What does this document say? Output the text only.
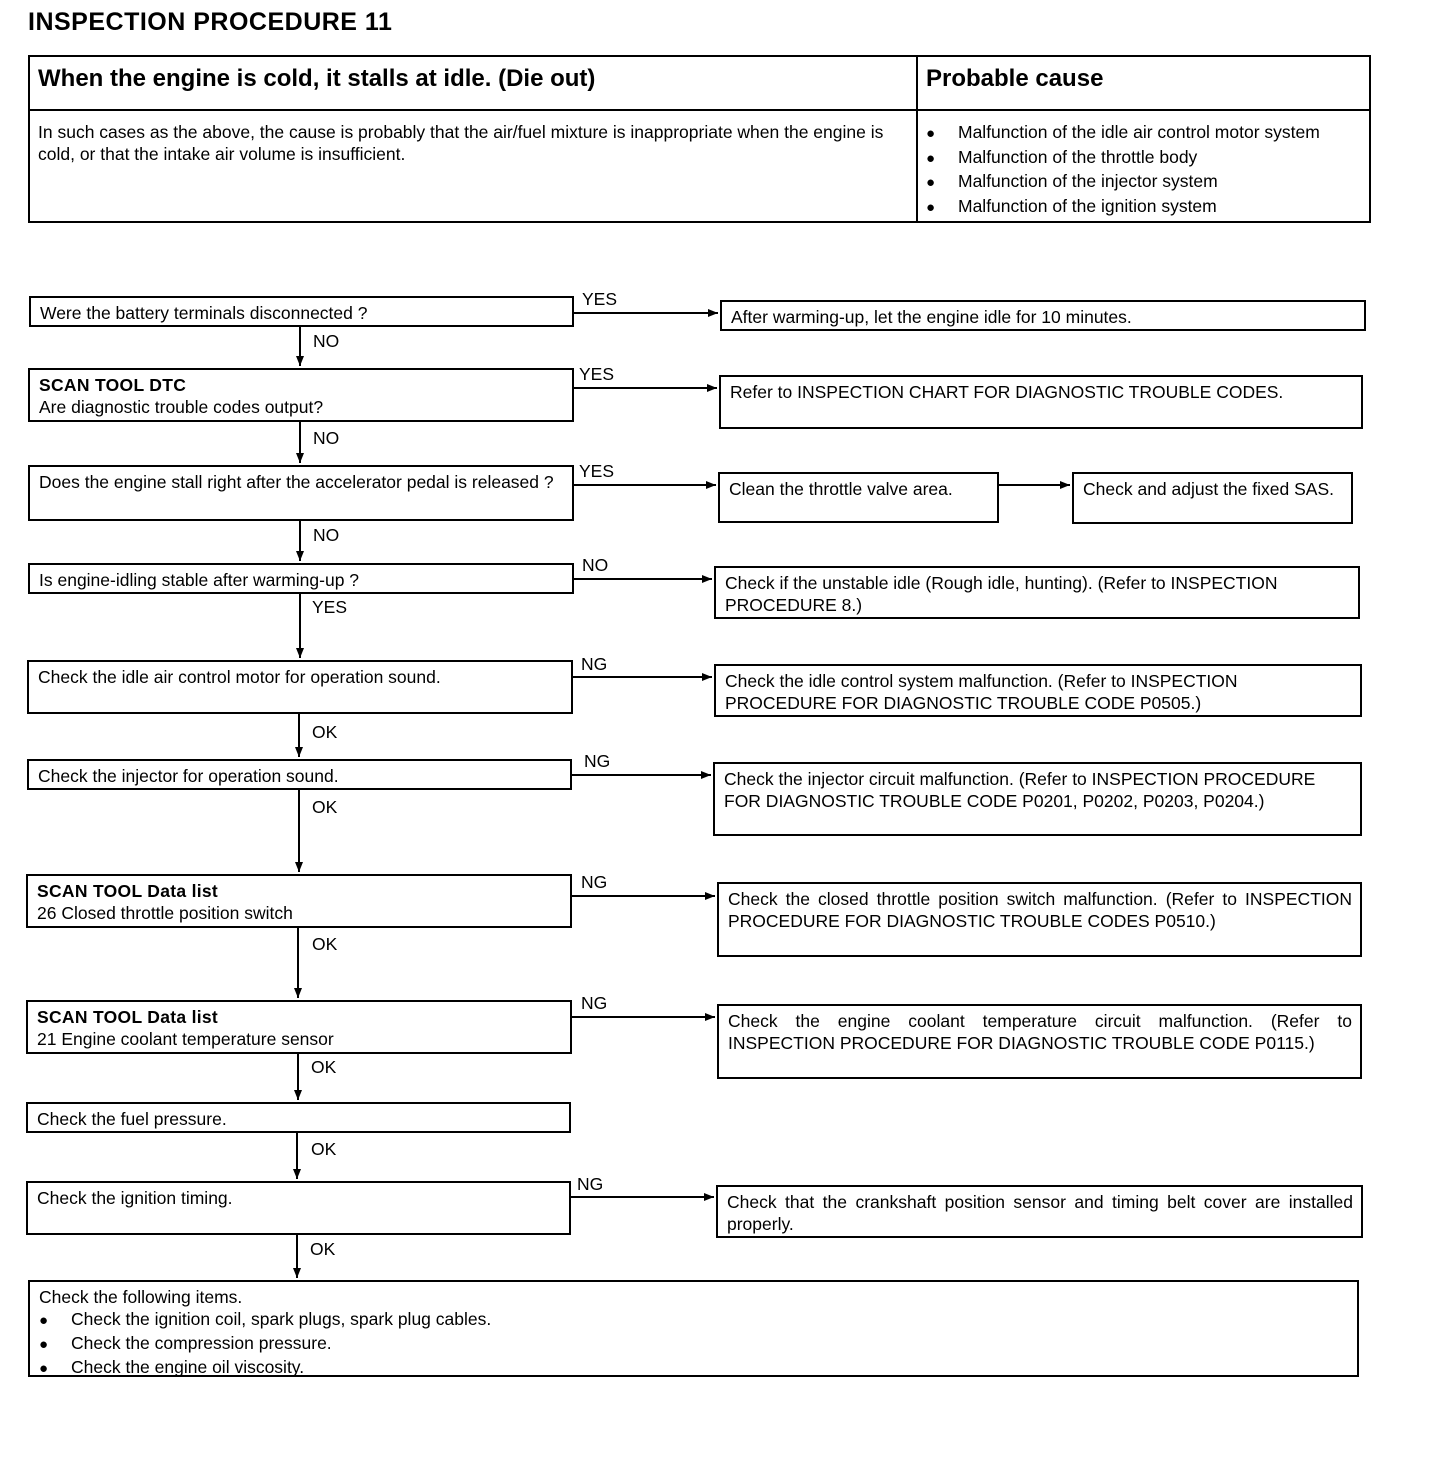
INSPECTION PROCEDURE 11
When the engine is cold, it stalls at idle. (Die out)	Probable cause
In such cases as the above, the cause is probably that the air/fuel mixture is inappropriate when the engine is cold, or that the intake air volume is insufficient.
● Malfunction of the idle air control motor system
● Malfunction of the throttle body
● Malfunction of the injector system
● Malfunction of the ignition system
Were the battery terminals disconnected ?
SCAN TOOL DTC
Are diagnostic trouble codes output?
Does the engine stall right after the accelerator pedal is released ?
Is engine-idling stable after warming-up ?
Check the idle air control motor for operation sound.
Check the injector for operation sound.
SCAN TOOL Data list
26 Closed throttle position switch
SCAN TOOL Data list
21 Engine coolant temperature sensor
Check the fuel pressure.
Check the ignition timing.
After warming-up, let the engine idle for 10 minutes.
Refer to INSPECTION CHART FOR DIAGNOSTIC TROUBLE CODES.
Clean the throttle valve area.	Check and adjust the fixed SAS.
Check if the unstable idle (Rough idle, hunting). (Refer to INSPECTION PROCEDURE 8.)
Check the idle control system malfunction. (Refer to INSPECTION PROCEDURE FOR DIAGNOSTIC TROUBLE CODE P0505.)
Check the injector circuit malfunction. (Refer to INSPECTION PROCEDURE FOR DIAGNOSTIC TROUBLE CODE P0201, P0202, P0203, P0204.)
Check the closed throttle position switch malfunction. (Refer to INSPECTION PROCEDURE FOR DIAGNOSTIC TROUBLE CODES P0510.)
Check the engine coolant temperature circuit malfunction. (Refer to INSPECTION PROCEDURE FOR DIAGNOSTIC TROUBLE CODE P0115.)
Check that the crankshaft position sensor and timing belt cover are installed properly.
YES
YES
YES
NO
NG
NG
NG
NG
NG
NO
NO
NO
YES
OK
OK
OK
OK
OK
OK
Check the following items.
● Check the ignition coil, spark plugs, spark plug cables.
● Check the compression pressure.
● Check the engine oil viscosity.
